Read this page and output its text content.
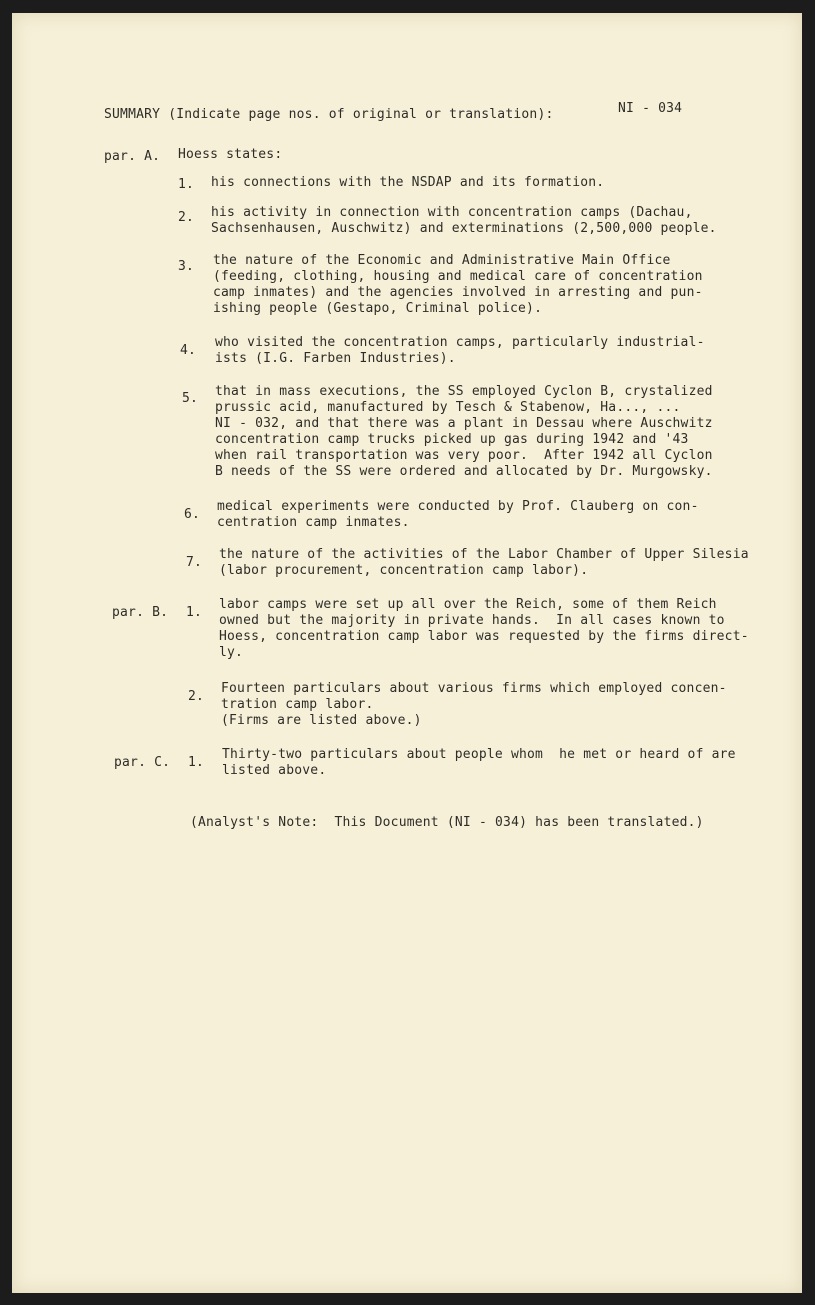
SUMMARY (Indicate page nos. of original or translation):	NI - 034
par. A. Hoess states:
1. his connections with the NSDAP and its formation.
2. his activity in connection with concentration camps (Dachau,
Sachsenhausen, Auschwitz) and exterminations (2,500,000 people.
3. the nature of the Economic and Administrative Main Office
(feeding, clothing, housing and medical care of concentration
camp inmates) and the agencies involved in arresting and pun-
ishing people (Gestapo, Criminal police).
4.
who visited the concentration camps, particularly industrial-
ists (I.G. Farben Industries).
5. that in mass executions, the SS employed Cyclon B, crystalized
prussic acid, manufactured by Tesch & Stabenow, Ha..., ...
NI - 032, and that there was a plant in Dessau where Auschwitz
concentration camp trucks picked up gas during 1942 and '43
when rail transportation was very poor.  After 1942 all Cyclon
B needs of the SS were ordered and allocated by Dr. Murgowsky.
6.
medical experiments were conducted by Prof. Clauberg on con-
centration camp inmates.
7.
the nature of the activities of the Labor Chamber of Upper Silesia
(labor procurement, concentration camp labor).
par. B. 1.
labor camps were set up all over the Reich, some of them Reich
owned but the majority in private hands.  In all cases known to
Hoess, concentration camp labor was requested by the firms direct-
ly.
2.
Fourteen particulars about various firms which employed concen-
tration camp labor.
(Firms are listed above.)
par. C. 1.
Thirty-two particulars about people whom  he met or heard of are
listed above.
(Analyst's Note:  This Document (NI - 034) has been translated.)
